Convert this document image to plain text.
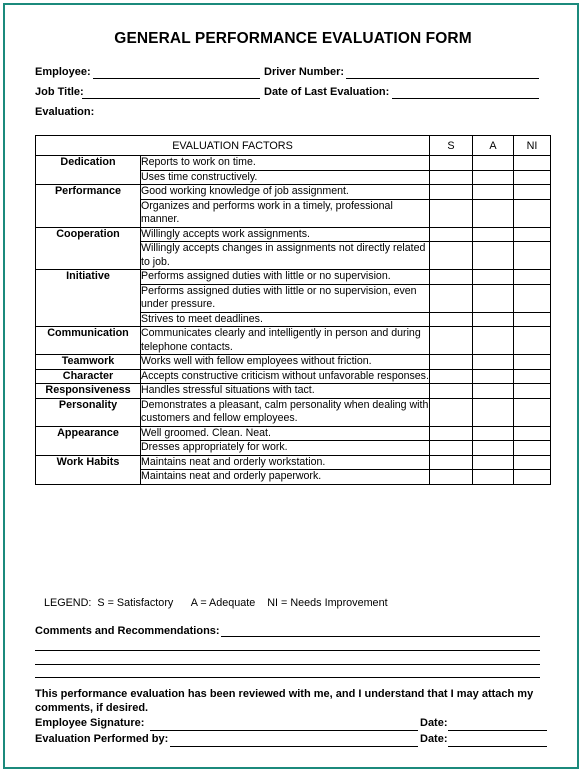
GENERAL PERFORMANCE EVALUATION FORM
Employee:	Driver Number:
Job Title:	Date of Last Evaluation:
Evaluation:
EVALUATION FACTORS		S	A	NI
Dedication	Reports to work on time.			
	Uses time constructively.			
Performance	Good working knowledge of job assignment.			
	Organizes and performs work in a timely, professional manner.			
Cooperation	Willingly accepts work assignments.			
	Willingly accepts changes in assignments not directly related to job.			
Initiative	Performs assigned duties with little or no supervision.			
	Performs assigned duties with little or no supervision, even under pressure.			
	Strives to meet deadlines.			
Communication	Communicates clearly and intelligently in person and during telephone contacts.			
Teamwork	Works well with fellow employees without friction.			
Character	Accepts constructive criticism without unfavorable responses.			
Responsiveness	Handles stressful situations with tact.			
Personality	Demonstrates a pleasant, calm personality when dealing with customers and fellow employees.			
Appearance	Well groomed. Clean. Neat.			
	Dresses appropriately for work.			
Work Habits	Maintains neat and orderly workstation.			
	Maintains neat and orderly paperwork.			
LEGEND:  S = Satisfactory      A = Adequate    NI = Needs Improvement
Comments and Recommendations:
This performance evaluation has been reviewed with me, and I understand that I may attach my comments, if desired.
Employee Signature:	Date:
Evaluation Performed by:	Date:
